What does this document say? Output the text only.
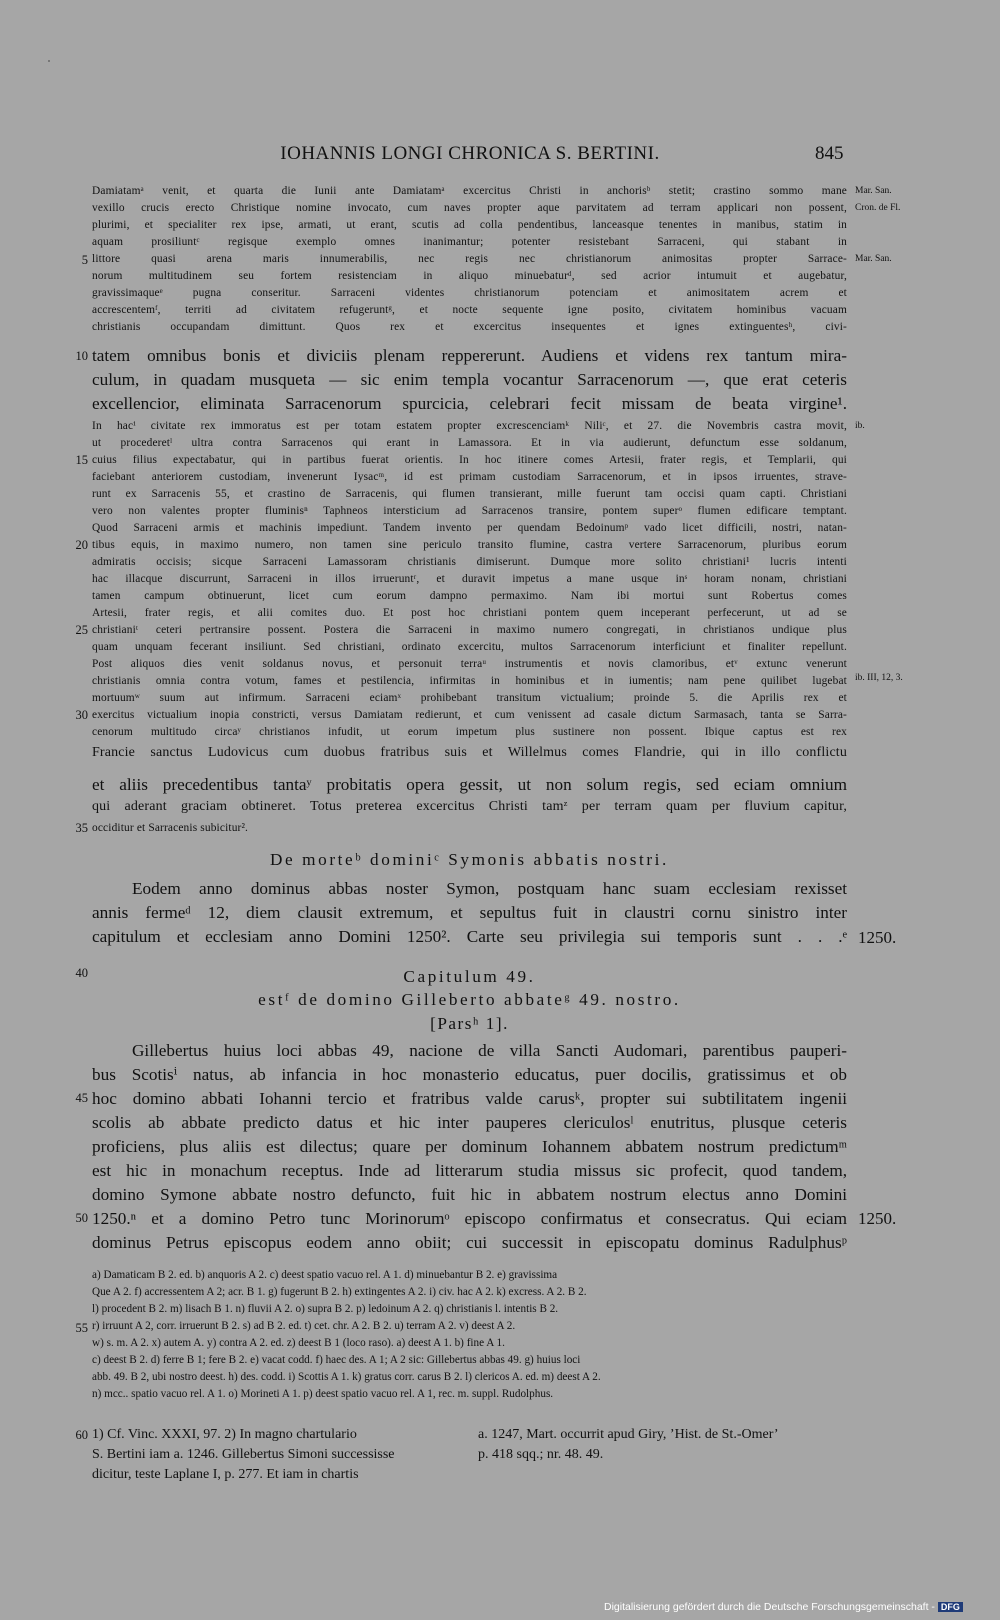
IOHANNIS LONGI CHRONICA S. BERTINI.	845
Damiatamᵃ venit, et quarta die Iunii ante Damiatamᵃ excercitus Christi in anchorisᵇ stetit; crastino sommo mane
vexillo crucis erecto Christique nomine invocato, cum naves propter aque parvitatem ad terram applicari non possent,
plurimi, et specialiter rex ipse, armati, ut erant, scutis ad colla pendentibus, lanceasque tenentes in manibus, statim in
aquam prosiliuntᶜ regisque exemplo omnes inanimantur; potenter resistebant Sarraceni, qui stabant in
littore quasi arena maris innumerabilis, nec regis nec christianorum animositas propter Sarrace-
norum multitudinem seu fortem resistenciam in aliquo minuebaturᵈ, sed acrior intumuit et augebatur,
gravissimaqueᵉ pugna conseritur. Sarraceni videntes christianorum potenciam et animositatem acrem et
accrescentemᶠ, territi ad civitatem refugeruntᵍ, et nocte sequente igne posito, civitatem hominibus vacuam
christianis occupandam dimittunt. Quos rex et excercitus insequentes et ignes extinguentesʰ, civi-
tatem omnibus bonis et diviciis plenam reppererunt. Audiens et videns rex tantum mira-
culum, in quadam musqueta — sic enim templa vocantur Sarracenorum —, que erat ceteris
excellencior, eliminata Sarracenorum spurcicia, celebrari fecit missam de beata virgine¹.
In hacⁱ civitate rex immoratus est per totam estatem propter excrescenciamᵏ Niliᶜ, et 27. die Novembris castra movit,
ut procederetˡ ultra contra Sarracenos qui erant in Lamassora. Et in via audierunt, defunctum esse soldanum,
cuius filius expectabatur, qui in partibus fuerat orientis. In hoc itinere comes Artesii, frater regis, et Templarii, qui
faciebant anteriorem custodiam, invenerunt Iysacᵐ, id est primam custodiam Sarracenorum, et in ipsos irruentes, strave-
runt ex Sarracenis 55, et crastino de Sarracenis, qui flumen transierant, mille fuerunt tam occisi quam capti. Christiani
vero non valentes propter fluminisⁿ Taphneos intersticium ad Sarracenos transire, pontem superᵒ flumen edificare temptant.
Quod Sarraceni armis et machinis impediunt. Tandem invento per quendam Bedoinumᵖ vado licet difficili, nostri, natan-
tibus equis, in maximo numero, non tamen sine periculo transito flumine, castra vertere Sarracenorum, pluribus eorum
admiratis occisis; sicque Sarraceni Lamassoram christianis dimiserunt. Dumque more solito christiani¹ lucris intenti
hac illacque discurrunt, Sarraceni in illos irrueruntʳ, et duravit impetus a mane usque inˢ horam nonam, christiani
tamen campum obtinuerunt, licet cum eorum dampno permaximo. Nam ibi mortui sunt Robertus comes
Artesii, frater regis, et alii comites duo. Et post hoc christiani pontem quem inceperant perfecerunt, ut ad se
christianiᵗ ceteri pertransire possent. Postera die Sarraceni in maximo numero congregati, in christianos undique plus
quam unquam fecerant insiliunt. Sed christiani, ordinato excercitu, multos Sarracenorum interficiunt et finaliter repellunt.
Post aliquos dies venit soldanus novus, et personuit terraᵘ instrumentis et novis clamoribus, etᵛ extunc venerunt
christianis omnia contra votum, fames et pestilencia, infirmitas in hominibus et in iumentis; nam pene quilibet lugebat
mortuumʷ suum aut infirmum. Sarraceni eciamˣ prohibebant transitum victualium; proinde 5. die Aprilis rex et
exercitus victualium inopia constricti, versus Damiatam redierunt, et cum venissent ad casale dictum Sarmasach, tanta se Sarra-
cenorum multitudo circaʸ christianos infudit, ut eorum impetum plus sustinere non possent. Ibique captus est rex
Francie sanctus Ludovicus cum duobus fratribus suis et Willelmus comes Flandrie, qui in illo conflictu
et aliis precedentibus tantaʸ probitatis opera gessit, ut non solum regis, sed eciam omnium
qui aderant graciam obtineret. Totus preterea excercitus Christi tamᶻ per terram quam per fluvium capitur,
occiditur et Sarracenis subicitur².
De morteᵇ dominiᶜ Symonis abbatis nostri.
Eodem anno dominus abbas noster Symon, postquam hanc suam ecclesiam rexisset
annis fermeᵈ 12, diem clausit extremum, et sepultus fuit in claustri cornu sinistro inter
capitulum et ecclesiam anno Domini 1250². Carte seu privilegia sui temporis sunt . . .ᵉ
Capitulum 49.
estᶠ de domino Gilleberto abbateᵍ 49. nostro.
[Parsʰ 1].
Gillebertus huius loci abbas 49, nacione de villa Sancti Audomari, parentibus pauperi-
bus Scotisⁱ natus, ab infancia in hoc monasterio educatus, puer docilis, gratissimus et ob
hoc domino abbati Iohanni tercio et fratribus valde carusᵏ, propter sui subtilitatem ingenii
scolis ab abbate predicto datus et hic inter pauperes clericulosˡ enutritus, plusque ceteris
proficiens, plus aliis est dilectus; quare per dominum Iohannem abbatem nostrum predictumᵐ
est hic in monachum receptus. Inde ad litterarum studia missus sic profecit, quod tandem,
domino Symone abbate nostro defuncto, fuit hic in abbatem nostrum electus anno Domini
1250.ⁿ et a domino Petro tunc Morinorumᵒ episcopo confirmatus et consecratus. Qui eciam
dominus Petrus episcopus eodem anno obiit; cui successit in episcopatu dominus Radulphusᵖ
a) Damaticam B 2. ed. b) anquoris A 2. c) deest spatio vacuo rel. A 1. d) minuebantur B 2. e) gravissima
Que A 2. f) accressentem A 2; acr. B 1. g) fugerunt B 2. h) extingentes A 2. i) civ. hac A 2. k) excress. A 2. B 2.
l) procedent B 2. m) lisach B 1. n) fluvii A 2. o) supra B 2. p) ledoinum A 2. q) christianis l. intentis B 2.
r) irruunt A 2, corr. irruerunt B 2. s) ad B 2. ed. t) cet. chr. A 2. B 2. u) terram A 2. v) deest A 2.
w) s. m. A 2. x) autem A. y) contra A 2. ed. z) deest B 1 (loco raso). a) deest A 1. b) fine A 1.
c) deest B 2. d) ferre B 1; fere B 2. e) vacat codd. f) haec des. A 1; A 2 sic: Gillebertus abbas 49. g) huius loci
abb. 49. B 2, ubi nostro deest. h) des. codd. i) Scottis A 1. k) gratus corr. carus B 2. l) clericos A. ed. m) deest A 2.
n) mcc.. spatio vacuo rel. A 1. o) Morineti A 1. p) deest spatio vacuo rel. A 1, rec. m. suppl. Rudolphus.
1) Cf. Vinc. XXXI, 97. 2) In magno chartulario	a. 1247, Mart. occurrit apud Giry, ’Hist. de St.-Omer’
S. Bertini iam a. 1246. Gillebertus Simoni successisse	p. 418 sqq.; nr. 48. 49.
dicitur, teste Laplane I, p. 277. Et iam in chartis
5
10
15
20
25
30
35
40
45
50
55
60
Mar. San.
Cron. de Fl.
Mar. San.
ib.
ib. III, 12, 3.
1250.
1250.
Digitalisierung gefördert durch die Deutsche Forschungsgemeinschaft - DFG
